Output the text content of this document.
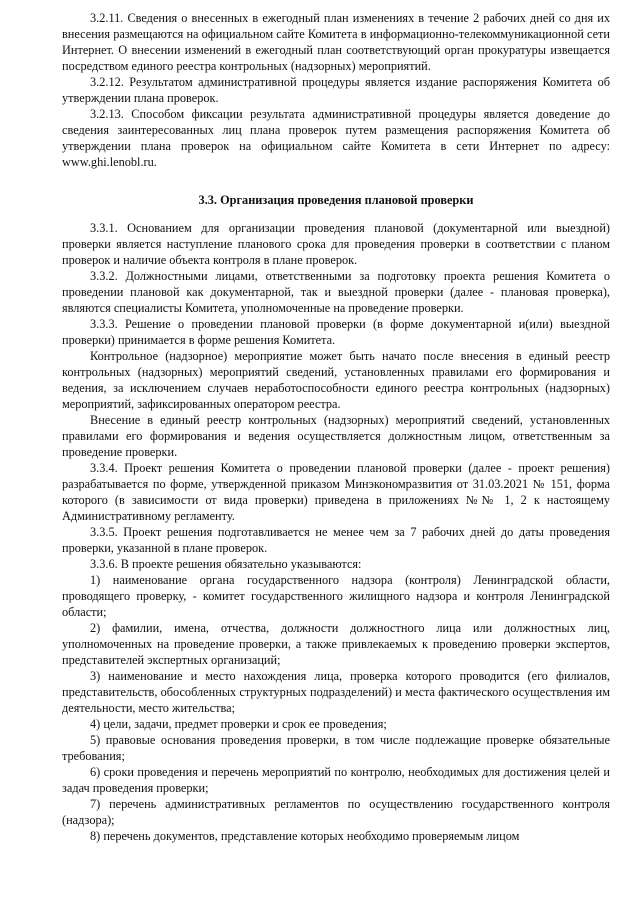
3.2.11. Сведения о внесенных в ежегодный план изменениях в течение 2 рабочих дней со дня их внесения размещаются на официальном сайте Комитета в информационно-телекоммуникационной сети Интернет. О внесении изменений в ежегодный план соответствующий орган прокуратуры извещается посредством единого реестра контрольных (надзорных) мероприятий.

3.2.12. Результатом административной процедуры является издание распоряжения Комитета об утверждении плана проверок.

3.2.13. Способом фиксации результата административной процедуры является доведение до сведения заинтересованных лиц плана проверок путем размещения распоряжения Комитета об утверждении плана проверок на официальном сайте Комитета в сети Интернет по адресу: www.ghi.lenobl.ru.

3.3. Организация проведения плановой проверки

3.3.1. Основанием для организации проведения плановой (документарной или выездной) проверки является наступление планового срока для проведения проверки в соответствии с планом проверок и наличие объекта контроля в плане проверок.

3.3.2. Должностными лицами, ответственными за подготовку проекта решения Комитета о проведении плановой как документарной, так и выездной проверки (далее - плановая проверка), являются специалисты Комитета, уполномоченные на проведение проверки.

3.3.3. Решение о проведении плановой проверки (в форме документарной и(или) выездной проверки) принимается в форме решения Комитета.

Контрольное (надзорное) мероприятие может быть начато после внесения в единый реестр контрольных (надзорных) мероприятий сведений, установленных правилами его формирования и ведения, за исключением случаев неработоспособности единого реестра контрольных (надзорных) мероприятий, зафиксированных оператором реестра.

Внесение в единый реестр контрольных (надзорных) мероприятий сведений, установленных правилами его формирования и ведения осуществляется должностным лицом, ответственным за проведение проверки.

3.3.4. Проект решения Комитета о проведении плановой проверки (далее - проект решения) разрабатывается по форме, утвержденной приказом Минэкономразвития от 31.03.2021 № 151, форма которого (в зависимости от вида проверки) приведена в приложениях №№ 1, 2 к настоящему Административному регламенту.

3.3.5. Проект решения подготавливается не менее чем за 7 рабочих дней до даты проведения проверки, указанной в плане проверок.

3.3.6. В проекте решения обязательно указываются:

1) наименование органа государственного надзора (контроля) Ленинградской области, проводящего проверку, - комитет государственного жилищного надзора и контроля Ленинградской области;

2) фамилии, имена, отчества, должности должностного лица или должностных лиц, уполномоченных на проведение проверки, а также привлекаемых к проведению проверки экспертов, представителей экспертных организаций;

3) наименование и место нахождения лица, проверка которого проводится (его филиалов, представительств, обособленных структурных подразделений) и места фактического осуществления им деятельности, место жительства;

4) цели, задачи, предмет проверки и срок ее проведения;

5) правовые основания проведения проверки, в том числе подлежащие проверке обязательные требования;

6) сроки проведения и перечень мероприятий по контролю, необходимых для достижения целей и задач проведения проверки;

7) перечень административных регламентов по осуществлению государственного контроля (надзора);

8) перечень документов, представление которых необходимо проверяемым лицом
